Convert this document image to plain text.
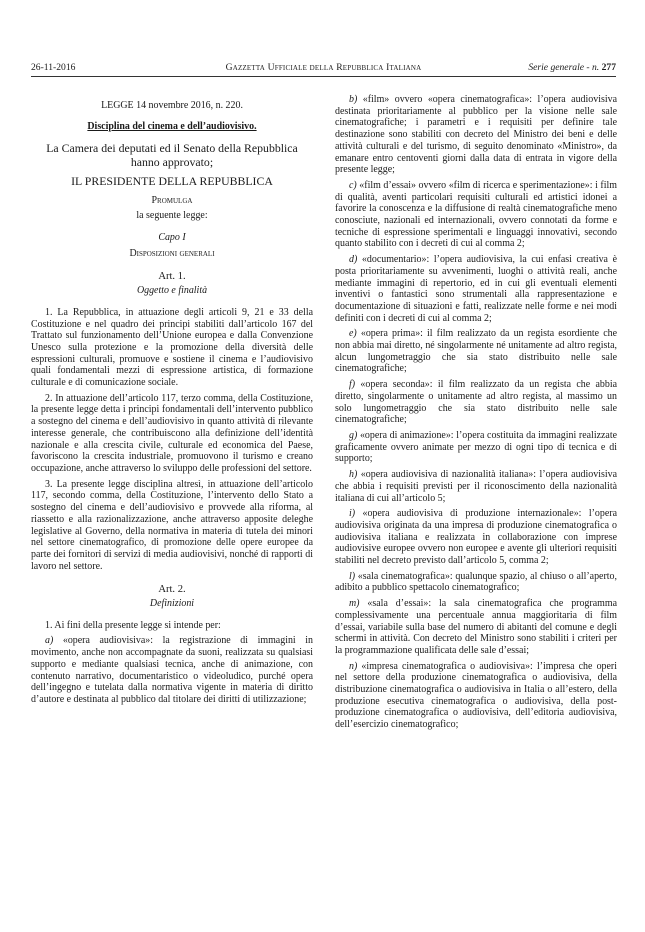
26-11-2016	Gazzetta Ufficiale della Repubblica Italiana	Serie generale - n. 277

LEGGE 14 novembre 2016, n. 220.

Disciplina del cinema e dell’audiovisivo.

La Camera dei deputati ed il Senato della Repubblica hanno approvato;

IL PRESIDENTE DELLA REPUBBLICA

Promulga

la seguente legge:

Capo I

Disposizioni generali

Art. 1.

Oggetto e finalità

1. La Repubblica, in attuazione degli articoli 9, 21 e 33 della Costituzione e nel quadro dei principi stabiliti dall’articolo 167 del Trattato sul funzionamento dell’Unione europea e dalla Convenzione Unesco sulla protezione e la promozione della diversità delle espressioni culturali, promuove e sostiene il cinema e l’audiovisivo quali fondamentali mezzi di espressione artistica, di formazione culturale e di comunicazione sociale.

2. In attuazione dell’articolo 117, terzo comma, della Costituzione, la presente legge detta i principi fondamentali dell’intervento pubblico a sostegno del cinema e dell’audiovisivo in quanto attività di rilevante interesse generale, che contribuiscono alla definizione dell’identità nazionale e alla crescita civile, culturale ed economica del Paese, favoriscono la crescita industriale, promuovono il turismo e creano occupazione, anche attraverso lo sviluppo delle professioni del settore.

3. La presente legge disciplina altresì, in attuazione dell’articolo 117, secondo comma, della Costituzione, l’intervento dello Stato a sostegno del cinema e dell’audiovisivo e provvede alla riforma, al riassetto e alla razionalizzazione, anche attraverso apposite deleghe legislative al Governo, della normativa in materia di tutela dei minori nel settore cinematografico, di promozione delle opere europee da parte dei fornitori di servizi di media audiovisivi, nonché di rapporti di lavoro nel settore.

Art. 2.

Definizioni

1. Ai fini della presente legge si intende per:

a) «opera audiovisiva»: la registrazione di immagini in movimento, anche non accompagnate da suoni, realizzata su qualsiasi supporto e mediante qualsiasi tecnica, anche di animazione, con contenuto narrativo, documentaristico o videoludico, purché opera dell’ingegno e tutelata dalla normativa vigente in materia di diritto d’autore e destinata al pubblico dal titolare dei diritti di utilizzazione;

b) «film» ovvero «opera cinematografica»: l’opera audiovisiva destinata prioritariamente al pubblico per la visione nelle sale cinematografiche; i parametri e i requisiti per definire tale destinazione sono stabiliti con decreto del Ministro dei beni e delle attività culturali e del turismo, di seguito denominato «Ministro», da emanare entro centoventi giorni dalla data di entrata in vigore della presente legge;

c) «film d’essai» ovvero «film di ricerca e sperimentazione»: i film di qualità, aventi particolari requisiti culturali ed artistici idonei a favorire la conoscenza e la diffusione di realtà cinematografiche meno conosciute, nazionali ed internazionali, ovvero connotati da forme e tecniche di espressione sperimentali e linguaggi innovativi, secondo quanto stabilito con i decreti di cui al comma 2;

d) «documentario»: l’opera audiovisiva, la cui enfasi creativa è posta prioritariamente su avvenimenti, luoghi o attività reali, anche mediante immagini di repertorio, ed in cui gli eventuali elementi inventivi o fantastici sono strumentali alla rappresentazione e documentazione di situazioni e fatti, realizzate nelle forme e nei modi definiti con i decreti di cui al comma 2;

e) «opera prima»: il film realizzato da un regista esordiente che non abbia mai diretto, né singolarmente né unitamente ad altro regista, alcun lungometraggio che sia stato distribuito nelle sale cinematografiche;

f) «opera seconda»: il film realizzato da un regista che abbia diretto, singolarmente o unitamente ad altro regista, al massimo un solo lungometraggio che sia stato distribuito nelle sale cinematografiche;

g) «opera di animazione»: l’opera costituita da immagini realizzate graficamente ovvero animate per mezzo di ogni tipo di tecnica e di supporto;

h) «opera audiovisiva di nazionalità italiana»: l’opera audiovisiva che abbia i requisiti previsti per il riconoscimento della nazionalità italiana di cui all’articolo 5;

i) «opera audiovisiva di produzione internazionale»: l’opera audiovisiva originata da una impresa di produzione cinematografica o audiovisiva italiana e realizzata in collaborazione con imprese audiovisive europee ovvero non europee e avente gli ulteriori requisiti stabiliti nel decreto previsto dall’articolo 5, comma 2;

l) «sala cinematografica»: qualunque spazio, al chiuso o all’aperto, adibito a pubblico spettacolo cinematografico;

m) «sala d’essai»: la sala cinematografica che programma complessivamente una percentuale annua maggioritaria di film d’essai, variabile sulla base del numero di abitanti del comune e degli schermi in attività. Con decreto del Ministro sono stabiliti i criteri per la programmazione qualificata delle sale d’essai;

n) «impresa cinematografica o audiovisiva»: l’impresa che operi nel settore della produzione cinematografica o audiovisiva, della distribuzione cinematografica o audiovisiva in Italia o all’estero, della produzione esecutiva cinematografica o audiovisiva, della post-produzione cinematografica o audiovisiva, dell’editoria audiovisiva, dell’esercizio cinematografico;
